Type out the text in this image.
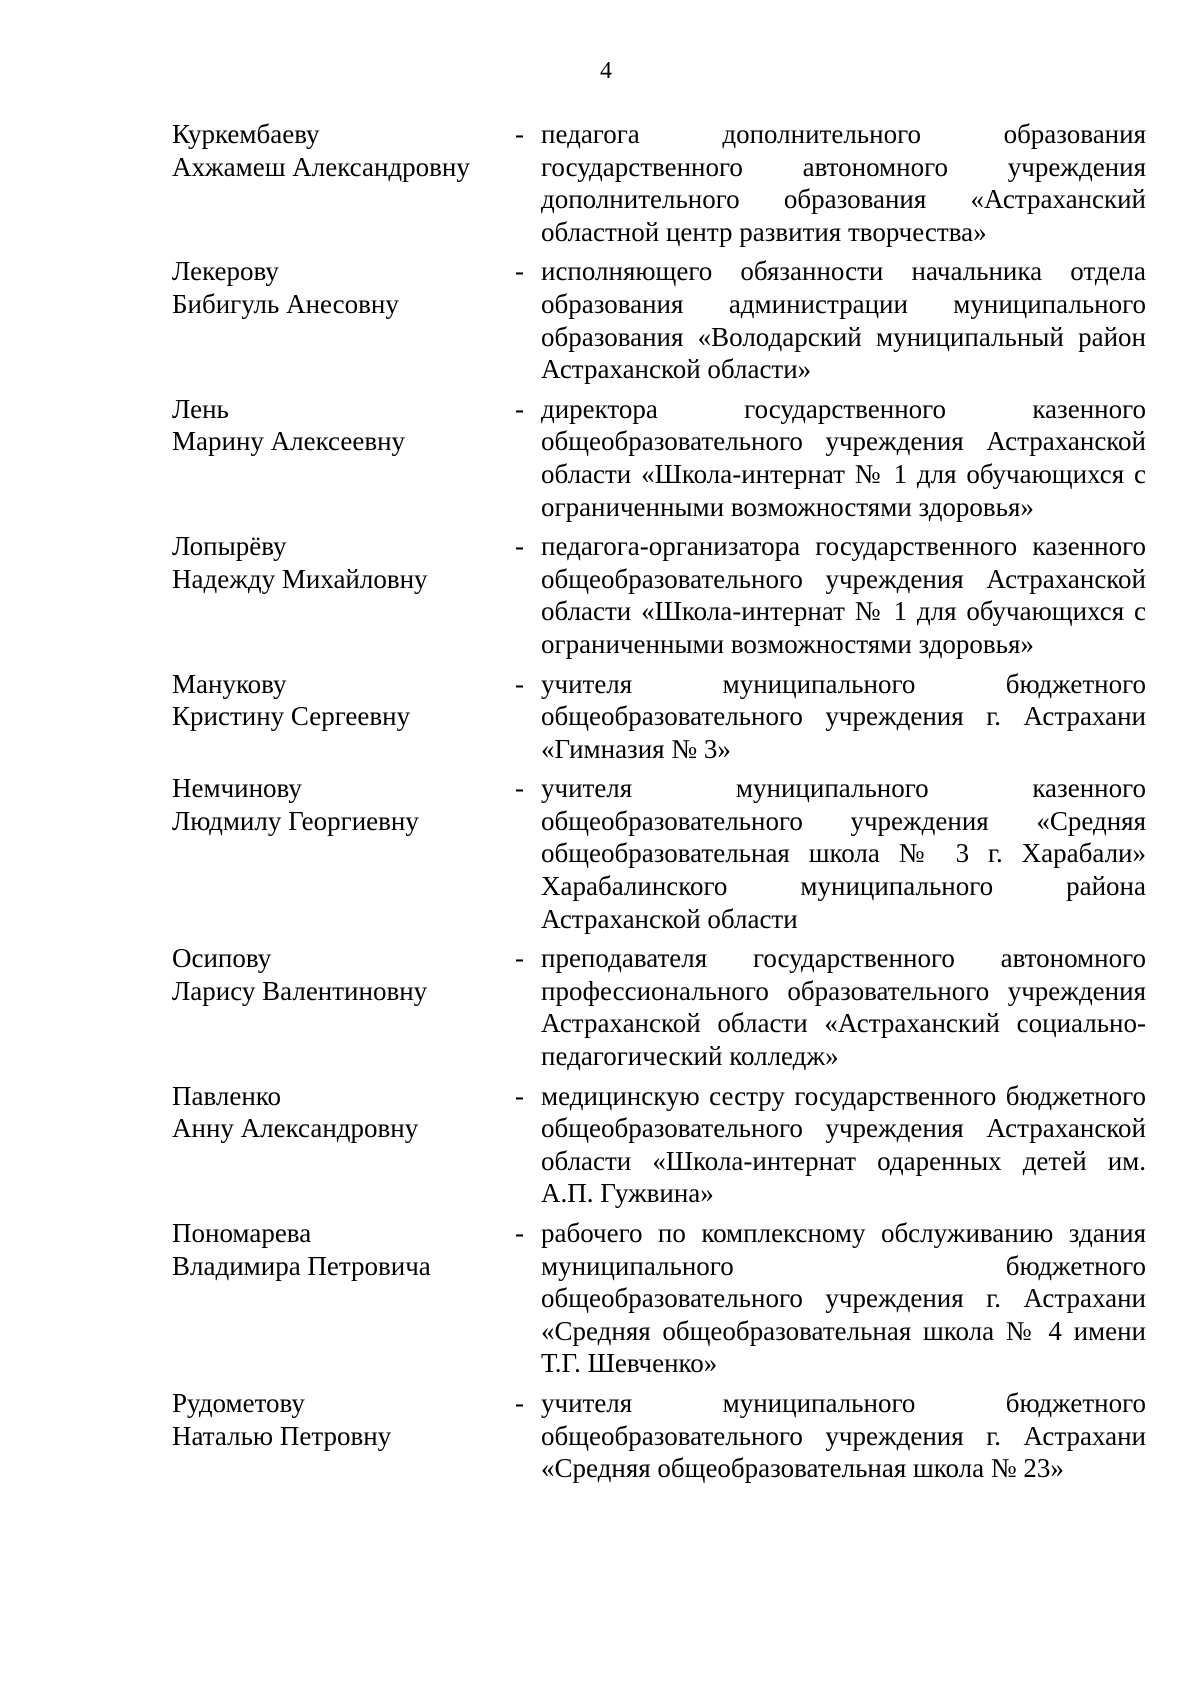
4
Куркембаеву
Ахжамеш Александровну
- педагога дополнительного образования государственного автономного учреждения дополнительного образования «Астраханский областной центр развития творчества»
Лекерову
Бибигуль Анесовну
- исполняющего обязанности начальника отдела образования администрации муниципального образования «Володарский муниципальный район Астраханской области»
Лень
Марину Алексеевну
- директора государственного казенного общеобразовательного учреждения Астраханской области «Школа-интернат № 1 для обучающихся с ограниченными возможностями здоровья»
Лопырёву
Надежду Михайловну
- педагога-организатора государственного казенного общеобразовательного учреждения Астраханской области «Школа-интернат № 1 для обучающихся с ограниченными возможностями здоровья»
Манукову
Кристину Сергеевну
- учителя муниципального бюджетного общеобразовательного учреждения г. Астрахани «Гимназия № 3»
Немчинову
Людмилу Георгиевну
- учителя муниципального казенного общеобразовательного учреждения «Средняя общеобразовательная школа № 3 г. Харабали» Харабалинского муниципального района Астраханской области
Осипову
Ларису Валентиновну
- преподавателя государственного автономного профессионального образовательного учреждения Астраханской области «Астраханский социально-педагогический колледж»
Павленко
Анну Александровну
- медицинскую сестру государственного бюджетного общеобразовательного учреждения Астраханской области «Школа-интернат одаренных детей им. А.П. Гужвина»
Пономарева
Владимира Петровича
- рабочего по комплексному обслуживанию здания муниципального бюджетного общеобразовательного учреждения г. Астрахани «Средняя общеобразовательная школа № 4 имени Т.Г. Шевченко»
Рудометову
Наталью Петровну
- учителя муниципального бюджетного общеобразовательного учреждения г. Астрахани «Средняя общеобразовательная школа № 23»
